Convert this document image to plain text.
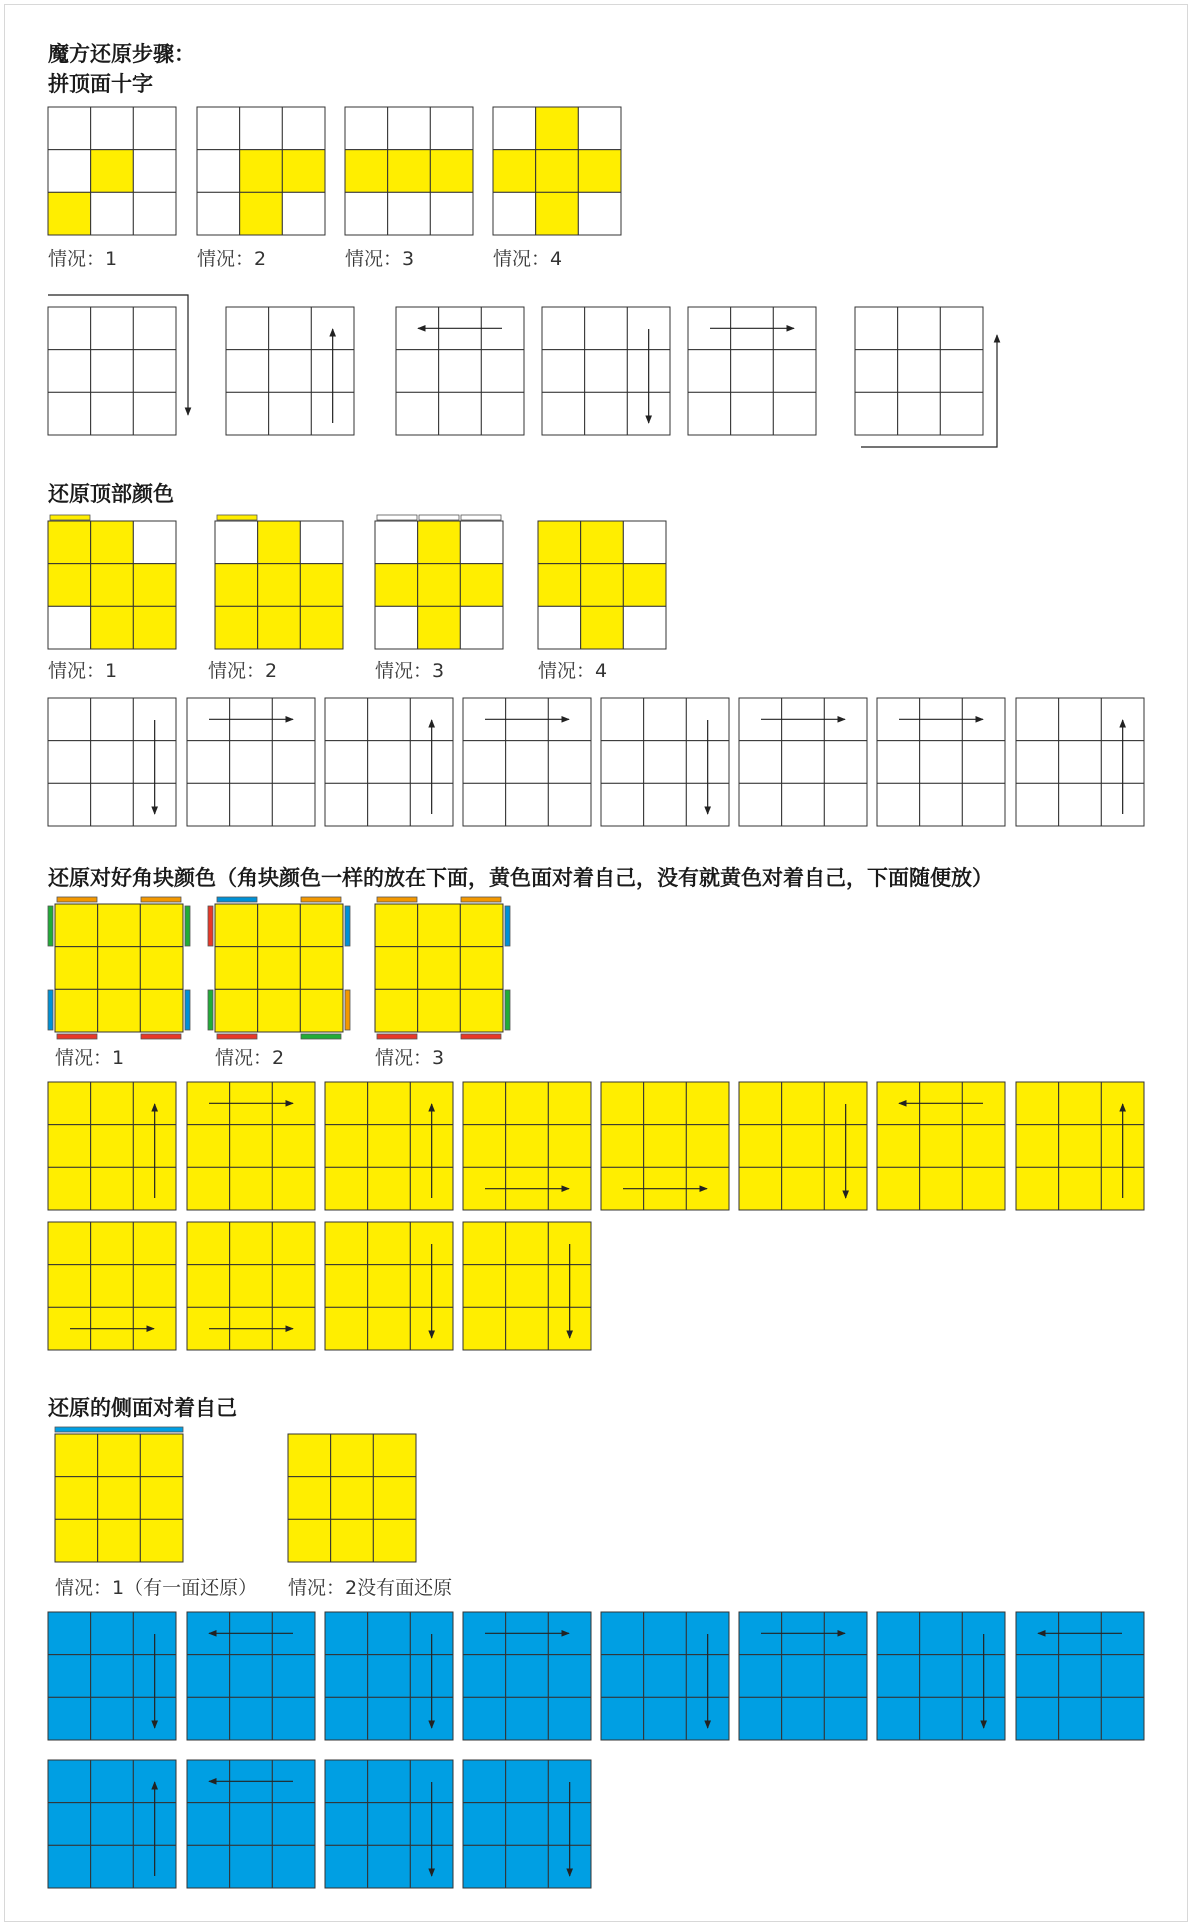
魔方还原步骤：
拼顶面十字
还原顶部颜色
还原对好角块颜色（角块颜色一样的放在下面，黄色面对着自己，没有就黄色对着自己，下面随便放）
还原的侧面对着自己
情况：1	情况：2	情况：3	情况：4
情况：1	情况：2	情况：3	情况：4
情况：1	情况：2	情况：3
情况：1（有一面还原） 情况：2没有面还原
